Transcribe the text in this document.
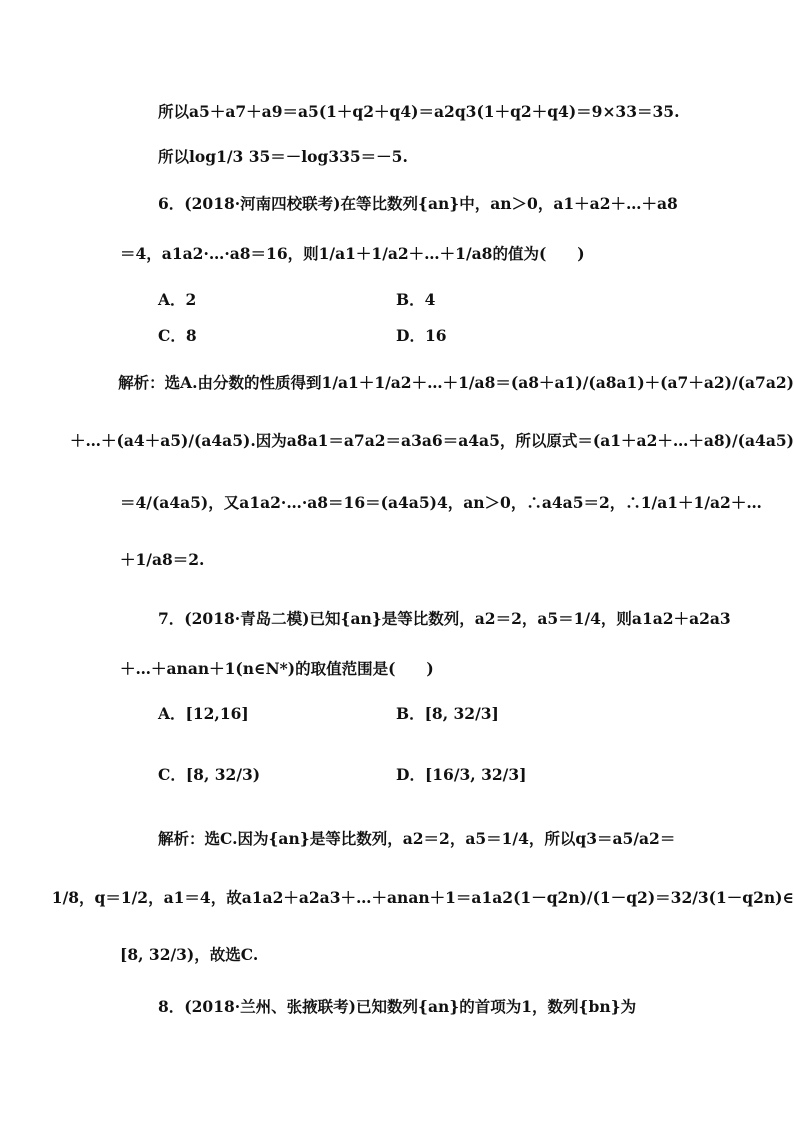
所以a5＋a7＋a9＝a5(1＋q2＋q4)＝a2q3(1＋q2＋q4)＝9×33＝35.
所以log1/3 35＝－log335＝－5.
6．(2018·河南四校联考)在等比数列{an}中，an＞0，a1＋a2＋…＋a8
＝4，a1a2·…·a8＝16，则1/a1＋1/a2＋…＋1/a8的值为(　　)
A．2	B．4
C．8	D．16
解析：选A.由分数的性质得到1/a1＋1/a2＋…＋1/a8＝(a8＋a1)/(a8a1)＋(a7＋a2)/(a7a2)
＋…＋(a4＋a5)/(a4a5).因为a8a1＝a7a2＝a3a6＝a4a5，所以原式＝(a1＋a2＋…＋a8)/(a4a5)
＝4/(a4a5)，又a1a2·…·a8＝16＝(a4a5)4，an＞0，∴a4a5＝2，∴1/a1＋1/a2＋…
＋1/a8＝2.
7．(2018·青岛二模)已知{an}是等比数列，a2＝2，a5＝1/4，则a1a2＋a2a3
＋…＋anan＋1(n∈N*)的取值范围是(　　)
A．[12,16]	B．[8, 32/3]
C．[8, 32/3)	D．[16/3, 32/3]
解析：选C.因为{an}是等比数列，a2＝2，a5＝1/4，所以q3＝a5/a2＝
1/8，q＝1/2，a1＝4，故a1a2＋a2a3＋…＋anan＋1＝a1a2(1－q2n)/(1－q2)＝32/3(1－q2n)∈
[8, 32/3)，故选C.
8．(2018·兰州、张掖联考)已知数列{an}的首项为1，数列{bn}为
所以 ＋ ＝ － … 1 2 3 4 8 32 16 6．(2018·河南四校联考)在等比数列{ }中， ＞0， 的值为(　　) 解析：选A.由分数的性质得到 .因为 ，所以原式 ，又 ∴ 7．(2018·青岛二模)已知{ }是等比数列， ，则 (n∈N*)的取值范围是(　　) 解析：选C.因为{ ，故 ，故选C. 8．(2018·兰州、张掖联考)已知数列{ }的首项为1，数列{ }为 A．2 B．4 C．8 D．16 A．[12,16] B． C. D．
